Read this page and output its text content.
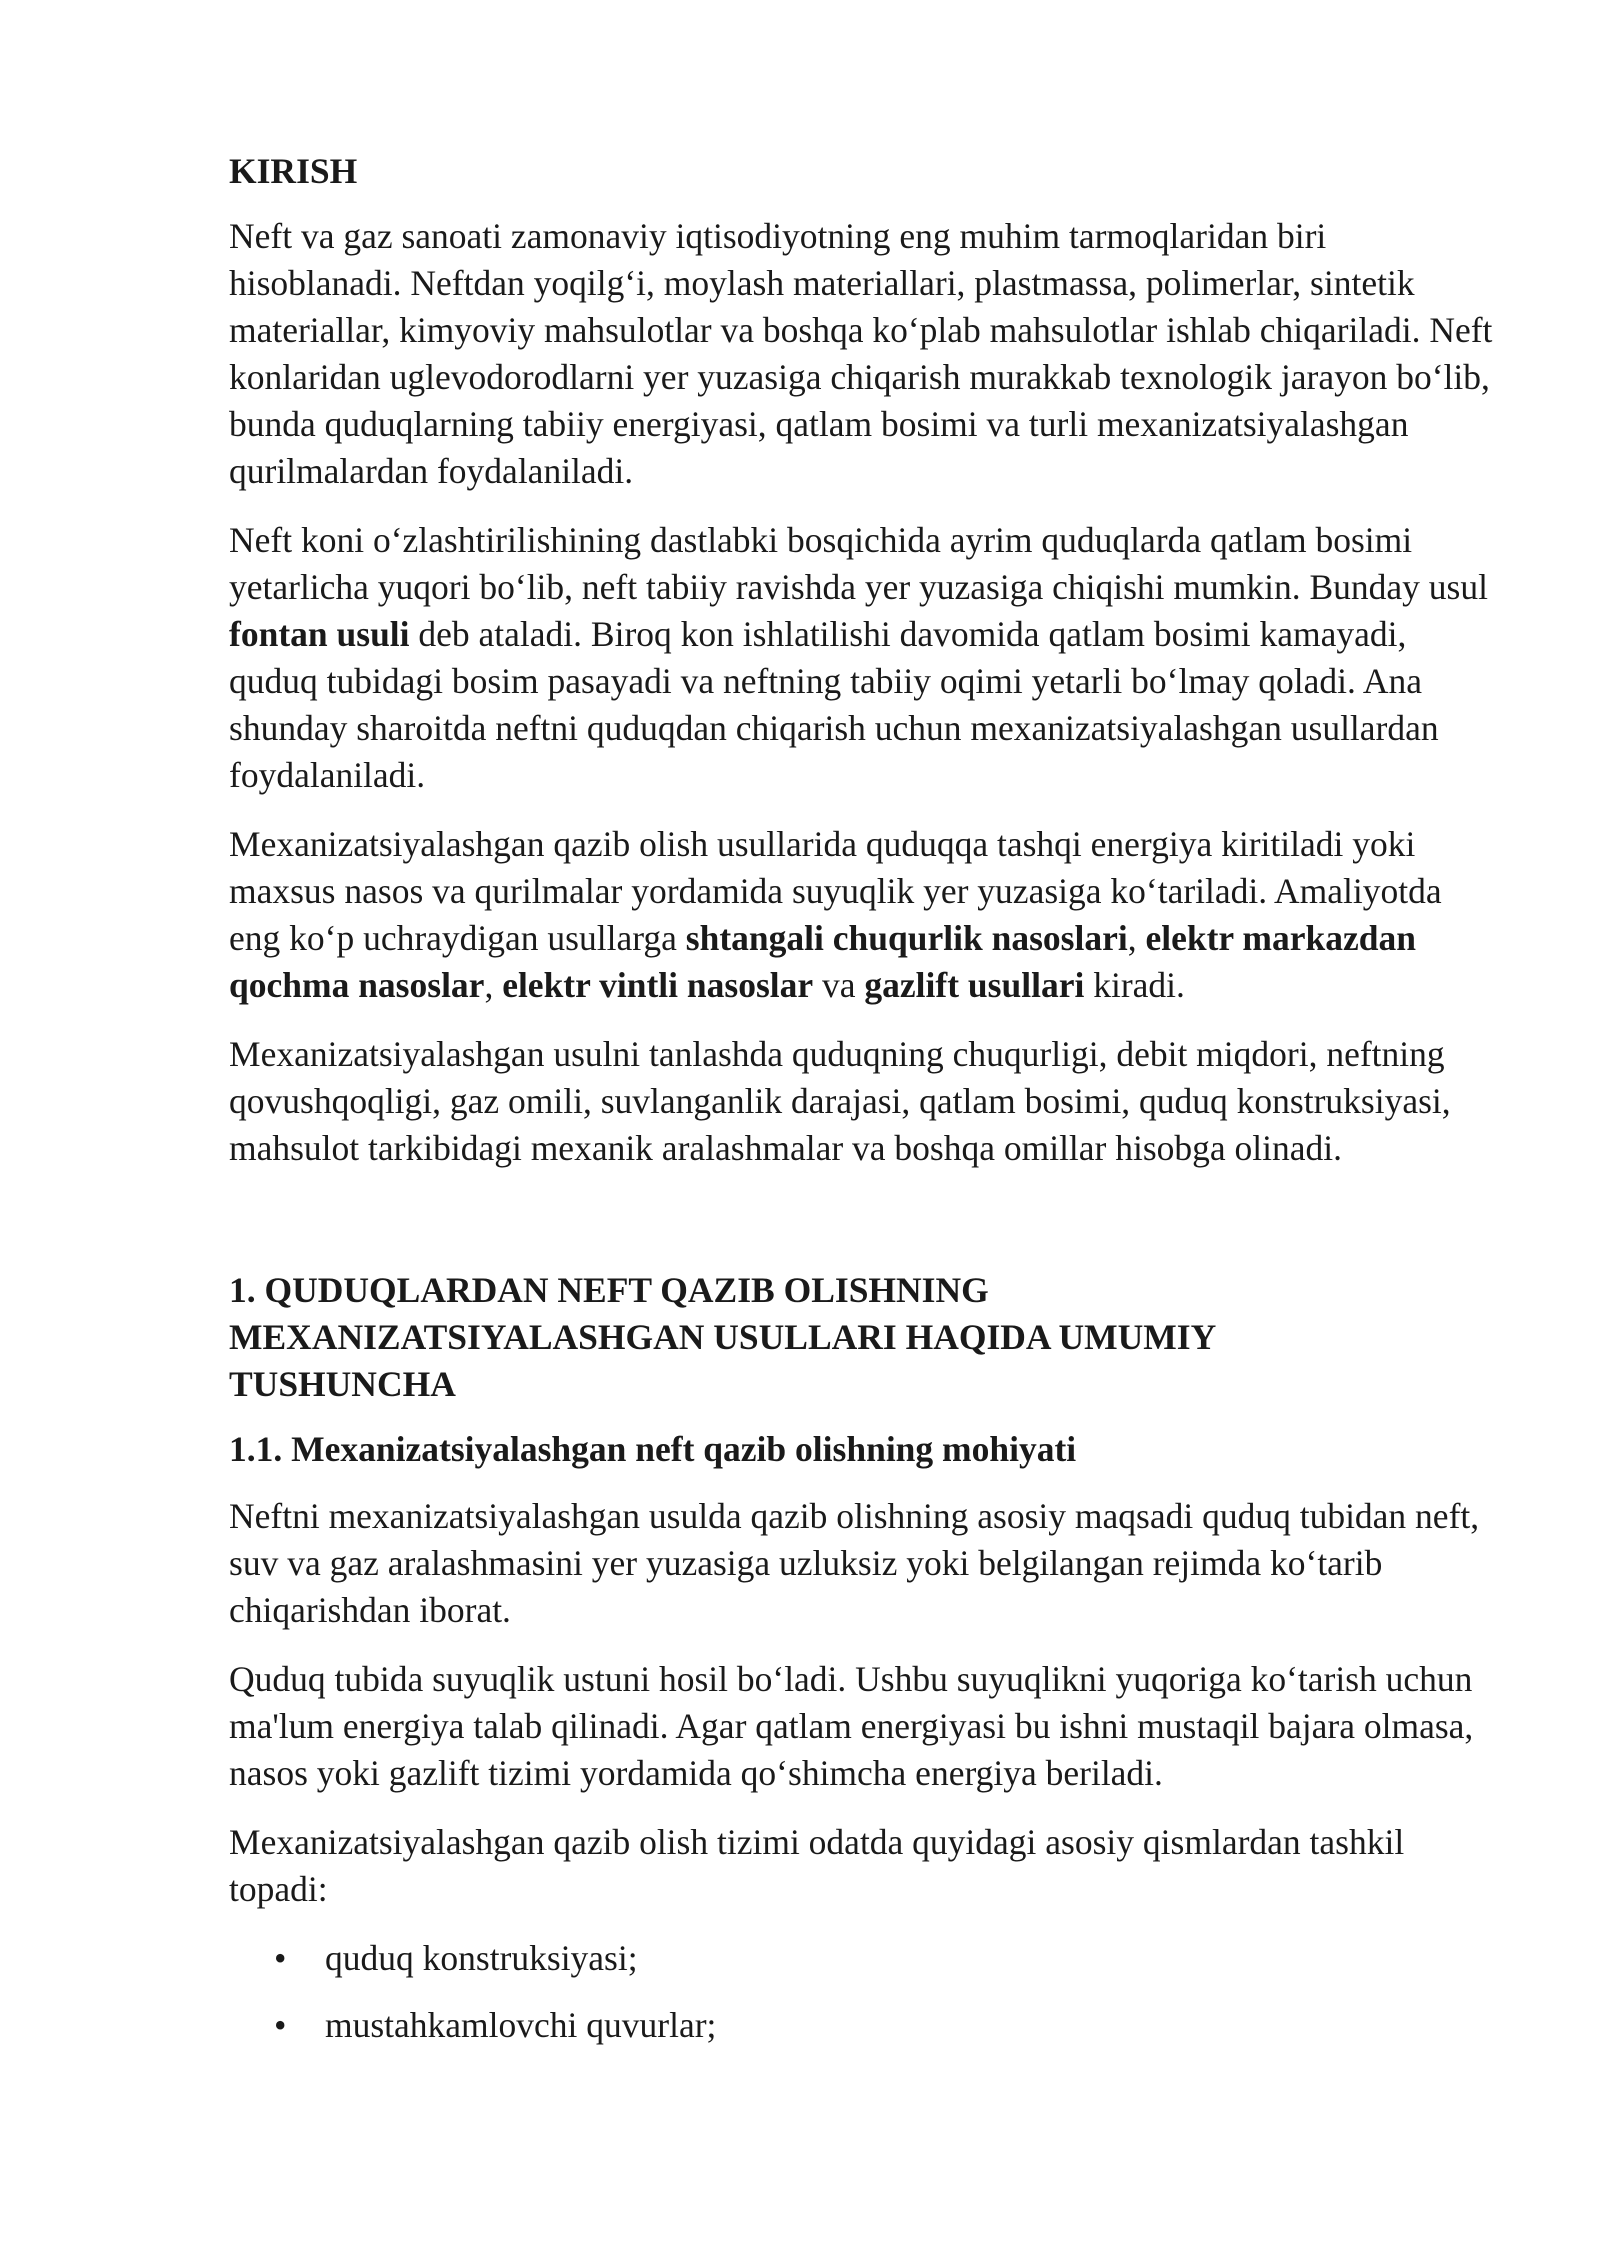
KIRISH

Neft va gaz sanoati zamonaviy iqtisodiyotning eng muhim tarmoqlaridan biri hisoblanadi. Neftdan yoqilg‘i, moylash materiallari, plastmassa, polimerlar, sintetik materiallar, kimyoviy mahsulotlar va boshqa ko‘plab mahsulotlar ishlab chiqariladi. Neft konlaridan uglevodorodlarni yer yuzasiga chiqarish murakkab texnologik jarayon bo‘lib, bunda quduqlarning tabiiy energiyasi, qatlam bosimi va turli mexanizatsiyalashgan qurilmalardan foydalaniladi.

Neft koni o‘zlashtirilishining dastlabki bosqichida ayrim quduqlarda qatlam bosimi yetarlicha yuqori bo‘lib, neft tabiiy ravishda yer yuzasiga chiqishi mumkin. Bunday usul fontan usuli deb ataladi. Biroq kon ishlatilishi davomida qatlam bosimi kamayadi, quduq tubidagi bosim pasayadi va neftning tabiiy oqimi yetarli bo‘lmay qoladi. Ana shunday sharoitda neftni quduqdan chiqarish uchun mexanizatsiyalashgan usullardan foydalaniladi.

Mexanizatsiyalashgan qazib olish usullarida quduqqa tashqi energiya kiritiladi yoki maxsus nasos va qurilmalar yordamida suyuqlik yer yuzasiga ko‘tariladi. Amaliyotda eng ko‘p uchraydigan usullarga shtangali chuqurlik nasoslari, elektr markazdan qochma nasoslar, elektr vintli nasoslar va gazlift usullari kiradi.

Mexanizatsiyalashgan usulni tanlashda quduqning chuqurligi, debit miqdori, neftning qovushqoqligi, gaz omili, suvlanganlik darajasi, qatlam bosimi, quduq konstruksiyasi, mahsulot tarkibidagi mexanik aralashmalar va boshqa omillar hisobga olinadi.

1. QUDUQLARDAN NEFT QAZIB OLISHNING MEXANIZATSIYALASHGAN USULLARI HAQIDA UMUMIY TUSHUNCHA
1.1. Mexanizatsiyalashgan neft qazib olishning mohiyati

Neftni mexanizatsiyalashgan usulda qazib olishning asosiy maqsadi quduq tubidan neft, suv va gaz aralashmasini yer yuzasiga uzluksiz yoki belgilangan rejimda ko‘tarib chiqarishdan iborat.

Quduq tubida suyuqlik ustuni hosil bo‘ladi. Ushbu suyuqlikni yuqoriga ko‘tarish uchun ma'lum energiya talab qilinadi. Agar qatlam energiyasi bu ishni mustaqil bajara olmasa, nasos yoki gazlift tizimi yordamida qo‘shimcha energiya beriladi.

Mexanizatsiyalashgan qazib olish tizimi odatda quyidagi asosiy qismlardan tashkil topadi:

• quduq konstruksiyasi;
• mustahkamlovchi quvurlar;
